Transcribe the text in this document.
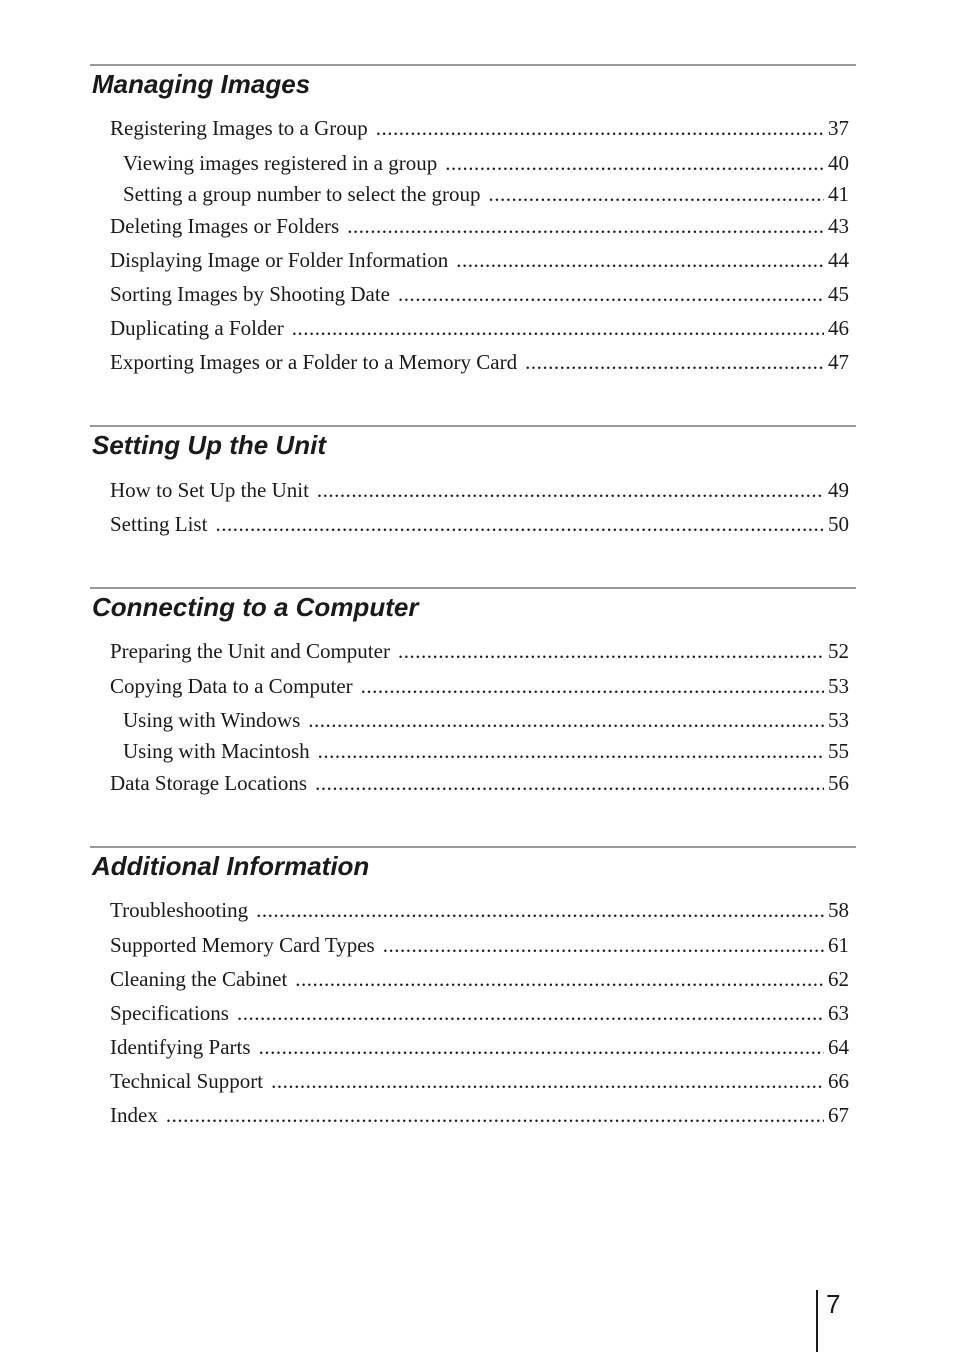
Managing Images
Registering Images to a Group .....	37
Viewing images registered in a group .....	40
Setting a group number to select the group .....	41
Deleting Images or Folders .....	43
Displaying Image or Folder Information .....	44
Sorting Images by Shooting Date .....	45
Duplicating a Folder .....	46
Exporting Images or a Folder to a Memory Card .....	47
Setting Up the Unit
How to Set Up the Unit .....	49
Setting List .....	50
Connecting to a Computer
Preparing the Unit and Computer .....	52
Copying Data to a Computer .....	53
Using with Windows .....	53
Using with Macintosh .....	55
Data Storage Locations .....	56
Additional Information
Troubleshooting .....	58
Supported Memory Card Types .....	61
Cleaning the Cabinet .....	62
Specifications .....	63
Identifying Parts .....	64
Technical Support .....	66
Index .....	67
7
